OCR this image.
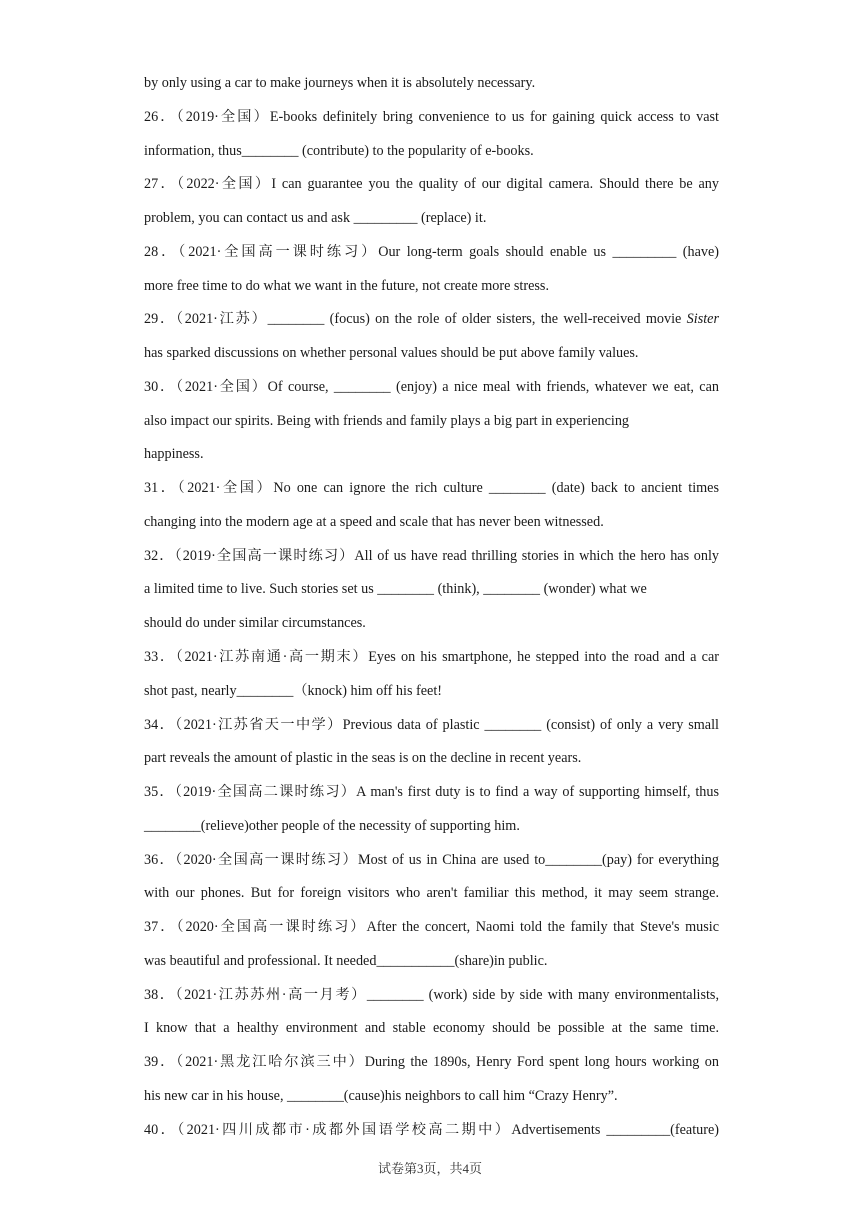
by only using a car to make journeys when it is absolutely necessary.
26．（2019·全国）E-books definitely bring convenience to us for gaining quick access to vast
information, thus________ (contribute) to the popularity of e-books.
27．（2022·全国）I can guarantee you the quality of our digital camera. Should there be any
problem, you can contact us and ask _________ (replace) it.
28．（2021·全国高一课时练习）Our long-term goals should enable us _________ (have)
more free time to do what we want in the future, not create more stress.
29．（2021·江苏）________ (focus) on the role of older sisters, the well-received movie Sister
has sparked discussions on whether personal values should be put above family values.
30．（2021·全国）Of course, ________ (enjoy) a nice meal with friends, whatever we eat, can
also impact our spirits. Being with friends and family plays a big part in experiencing
happiness.
31．（2021·全国）No one can ignore the rich culture ________ (date) back to ancient times
changing into the modern age at a speed and scale that has never been witnessed.
32．（2019·全国高一课时练习）All of us have read thrilling stories in which the hero has only
a limited time to live. Such stories set us ________ (think), ________ (wonder) what we
should do under similar circumstances.
33．（2021·江苏南通·高一期末）Eyes on his smartphone, he stepped into the road and a car
shot past, nearly________（knock) him off his feet!
34．（2021·江苏省天一中学）Previous data of plastic ________ (consist) of only a very small
part reveals the amount of plastic in the seas is on the decline in recent years.
35．（2019·全国高二课时练习）A man's first duty is to find a way of supporting himself, thus
________(relieve)other people of the necessity of supporting him.
36．（2020·全国高一课时练习）Most of us in China are used to________(pay) for everything
with our phones. But for foreign visitors who aren't familiar this method, it may seem strange.
37．（2020·全国高一课时练习）After the concert, Naomi told the family that Steve's music
was beautiful and professional. It needed___________(share)in public.
38．（2021·江苏苏州·高一月考）________ (work) side by side with many environmentalists,
I know that a healthy environment and stable economy should be possible at the same time.
39．（2021·黑龙江哈尔滨三中）During the 1890s, Henry Ford spent long hours working on
his new car in his house, ________(cause)his neighbors to call him “Crazy Henry”.
40．（2021·四川成都市·成都外国语学校高二期中）Advertisements _________(feature)
试卷第3页，共4页
